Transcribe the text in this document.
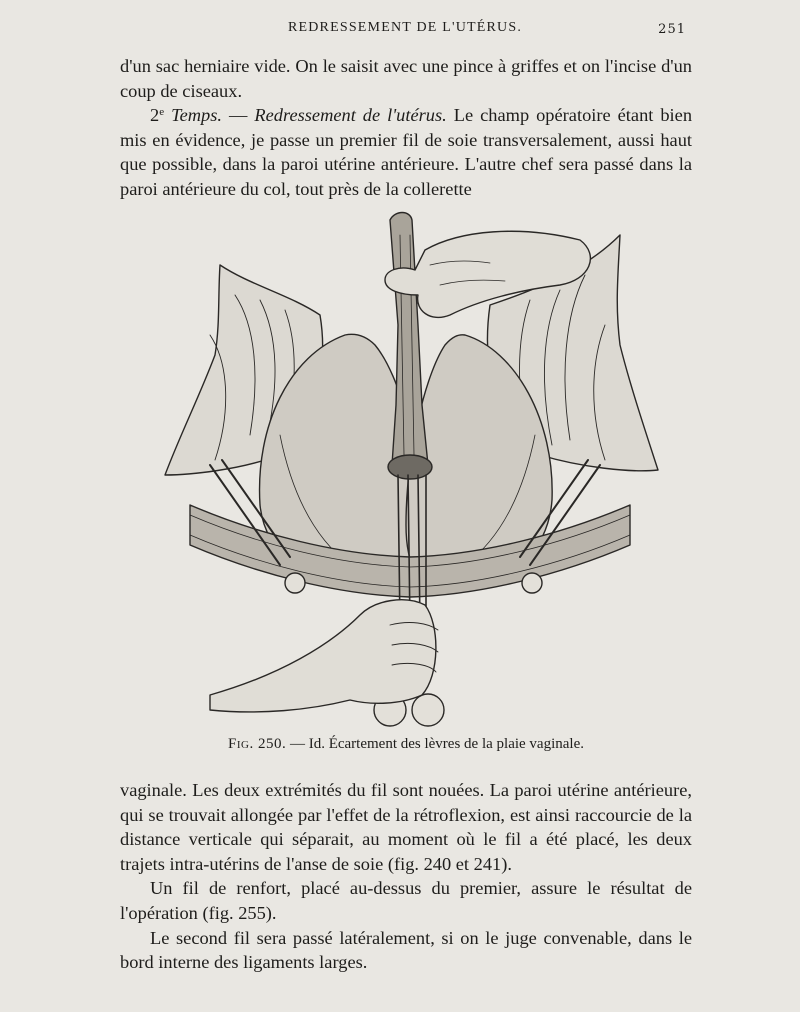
REDRESSEMENT DE L'UTÉRUS.	251

d'un sac herniaire vide. On le saisit avec une pince à griffes et on l'incise d'un coup de ciseaux.

2e Temps. — Redressement de l'utérus. Le champ opératoire étant bien mis en évidence, je passe un premier fil de soie transversalement, aussi haut que possible, dans la paroi utérine antérieure. L'autre chef sera passé dans la paroi antérieure du col, tout près de la collerette

Fig. 250. — Id. Écartement des lèvres de la plaie vaginale.

vaginale. Les deux extrémités du fil sont nouées. La paroi utérine antérieure, qui se trouvait allongée par l'effet de la rétroflexion, est ainsi raccourcie de la distance verticale qui séparait, au moment où le fil a été placé, les deux trajets intra-utérins de l'anse de soie (fig. 240 et 241).

Un fil de renfort, placé au-dessus du premier, assure le résultat de l'opération (fig. 255).

Le second fil sera passé latéralement, si on le juge convenable, dans le bord interne des ligaments larges.
